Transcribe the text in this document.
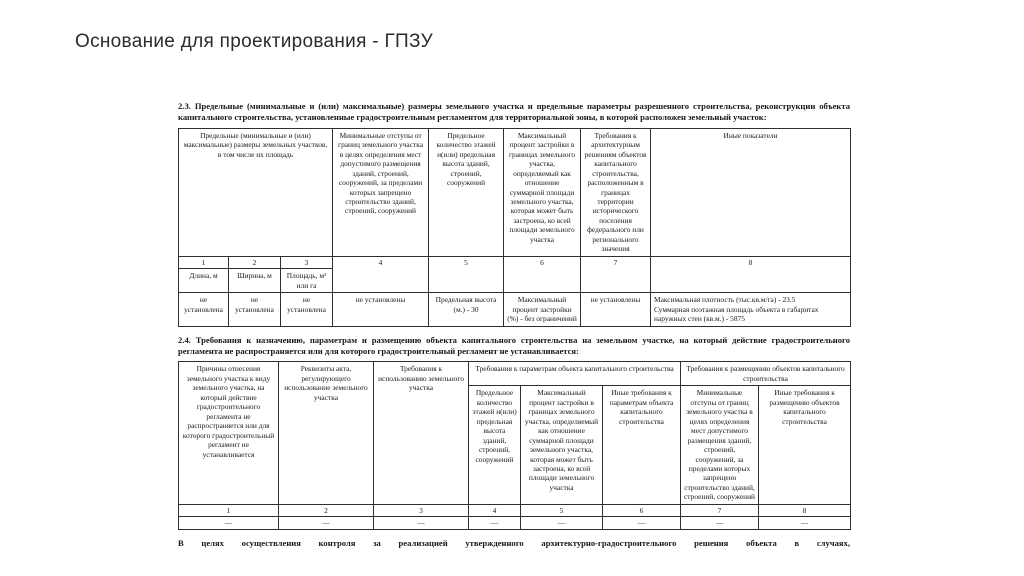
Основание для проектирования - ГПЗУ
2.3. Предельные (минимальные и (или) максимальные) размеры земельного участка и предельные параметры разрешенного строительства, реконструкции объекта капитального строительства, установленные градостроительным регламентом для территориальной зоны, в которой расположен земельный участок:
Предельные (минимальные и (или) максимальные) размеры земельных участков, в том числе их площадь			Минимальные отступы от границ земельного участка в целях определения мест допустимого размещения зданий, строений, сооружений, за пределами которых запрещено строительство зданий, строений, сооружений	Предельное количество этажей и(или) предельная высота зданий, строений, сооружений	Максимальный процент застройки в границах земельного участка, определяемый как отношение суммарной площади земельного участка, которая может быть застроена, ко всей площади земельного участка	Требования к архитектурным решениям объектов капитального строительства, расположенным в границах территории исторического поселения федерального или регионального значения	Иные показатели
1	2	3	4	5	6	7	8
Длина, м	Ширина, м	Площадь, м² или га					
не установлена	не установлена	не установлена	не установлены	Предельная высота (м.) - 30	Максимальный процент застройки (%) - без ограничений	не установлены	Максимальная плотность (тыс.кв.м/га) - 23.5
Суммарная поэтажная площадь объекта в габаритах наружных стен (кв.м.) - 5875
2.4. Требования к назначению, параметрам и размещению объекта капитального строительства на земельном участке, на который действие градостроительного регламента не распространяется или для которого градостроительный регламент не устанавливается:
Причины отнесения земельного участка к виду земельного участка, на который действие градостроительного регламента не распространяется или для которого градостроительный регламент не устанавливается	Реквизиты акта, регулирующего использование земельного участка	Требования к использованию земельного участка	Требования к параметрам объекта капитального строительства			Требования к размещению объектов капитального строительства	
			Предельное количество этажей и(или) предельная высота зданий, строений, сооружений	Максимальный процент застройки в границах земельного участка, определяемый как отношение суммарной площади земельного участка, которая может быть застроена, ко всей площади земельного участка	Иные требования к параметрам объекта капитального строительства	Минимальные отступы от границ земельного участка в целях определения мест допустимого размещения зданий, строений, сооружений, за пределами которых запрещено строительство зданий, строений, сооружений	Иные требования к размещению объектов капитального строительства
1	2	3	4	5	6	7	8
—	—	—	—	—	—	—	—
В целях осуществления контроля за реализацией утвержденного архитектурно-градостроительного решения объекта в случаях,
